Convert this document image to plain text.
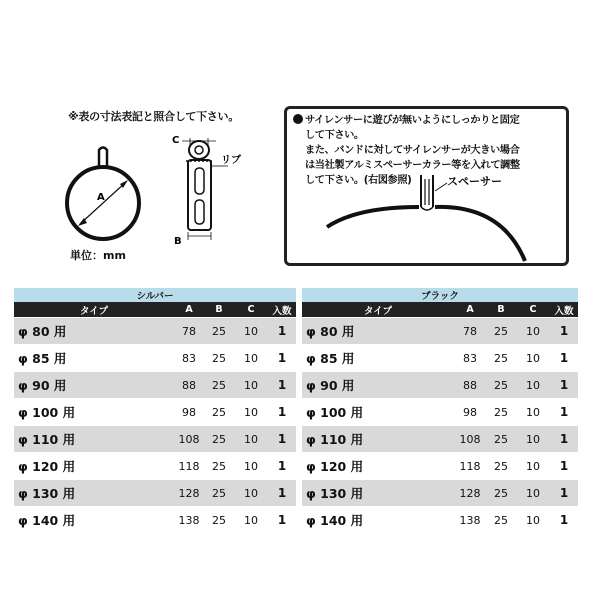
※表の寸法表記と照合して下さい。
A
C
B
リブ
単位：mm
サイレンサーに遊びが無いようにしっかりと固定
して下さい。
また、バンドに対してサイレンサーが大きい場合
は当社製アルミスペーサーカラー等を入れて調整
して下さい。(右図参照)	スペーサー
シルバー				
タイプ	A	B	C	入数
φ 80 用	78	25	10	1
φ 85 用	83	25	10	1
φ 90 用	88	25	10	1
φ 100 用	98	25	10	1
φ 110 用	108	25	10	1
φ 120 用	118	25	10	1
φ 130 用	128	25	10	1
φ 140 用	138	25	10	1
ブラック				
タイプ	A	B	C	入数
φ 80 用	78	25	10	1
φ 85 用	83	25	10	1
φ 90 用	88	25	10	1
φ 100 用	98	25	10	1
φ 110 用	108	25	10	1
φ 120 用	118	25	10	1
φ 130 用	128	25	10	1
φ 140 用	138	25	10	1
